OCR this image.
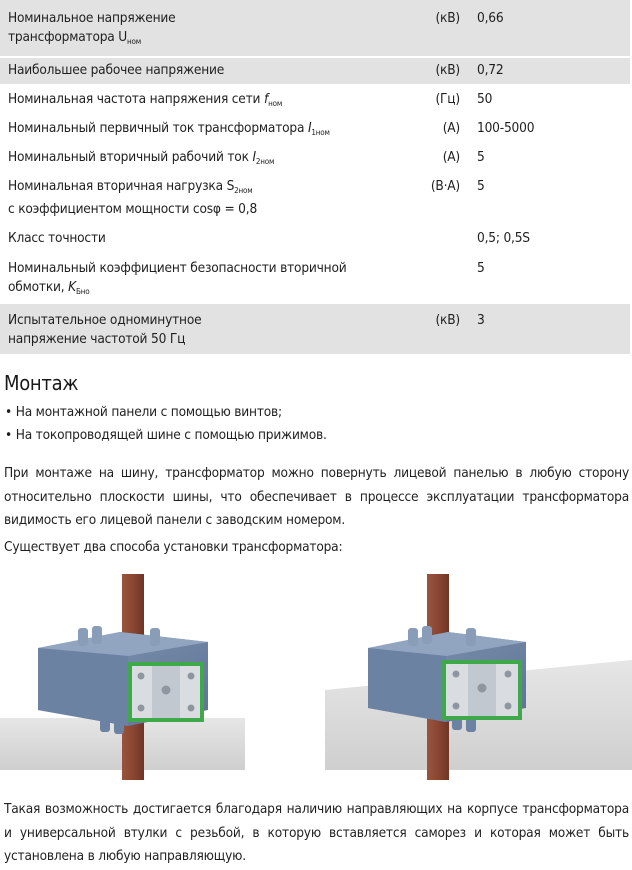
Номинальное напряжение
трансформатора $U_{ном}$
(кВ) 0,66
Наибольшее рабочее напряжение	(кВ) 0,72
Номинальная частота напряжения сети $f_{ном}$	(Гц) 50
Номинальный первичный ток трансформатора $I_{1ном}$	(А) 100-5000
Номинальный вторичный рабочий ток $I_{2ном}$	(А) 5
Номинальная вторичная нагрузка $S_{2ном}$
с коэффициентом мощности cosφ = 0,8
(В·А) 5
Класс точности	0,5; 0,5S
Номинальный коэффициент безопасности вторичной
обмотки, $K_{Бно}$
5
Испытательное одноминутное
напряжение частотой 50 Гц
(кВ) 3
Монтаж
• На монтажной панели с помощью винтов;
• На токопроводящей шине с помощью прижимов.
При монтаже на шину, трансформатор можно повернуть лицевой панелью в любую сторону относительно плоскости шины, что обеспечивает в процессе эксплуатации трансформатора видимость его лицевой панели с заводским номером.
Существует два способа установки трансформатора:
Такая возможность достигается благодаря наличию направляющих на корпусе трансформатора и универсальной втулки с резьбой, в которую вставляется саморез и которая может быть установлена в любую направляющую.
